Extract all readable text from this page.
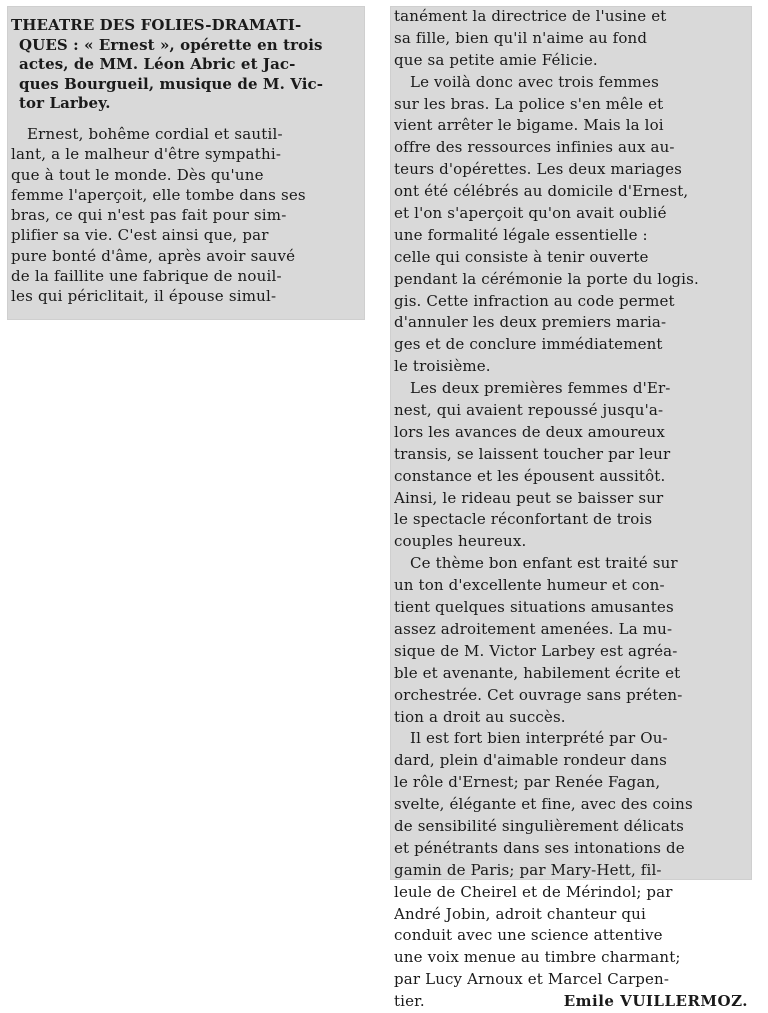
THEATRE DES FOLIES-DRAMATI-
QUES : « Ernest », opérette en trois
actes, de MM. Léon Abric et Jac-
ques Bourgueil, musique de M. Vic-
tor Larbey.
Ernest, bohême cordial et sautil-
lant, a le malheur d'être sympathi-
que à tout le monde. Dès qu'une
femme l'aperçoit, elle tombe dans ses
bras, ce qui n'est pas fait pour sim-
plifier sa vie. C'est ainsi que, par
pure bonté d'âme, après avoir sauvé
de la faillite une fabrique de nouil-
les qui périclitait, il épouse simul-
tanément la directrice de l'usine et
sa fille, bien qu'il n'aime au fond
que sa petite amie Félicie.
Le voilà donc avec trois femmes
sur les bras. La police s'en mêle et
vient arrêter le bigame. Mais la loi
offre des ressources infinies aux au-
teurs d'opérettes. Les deux mariages
ont été célébrés au domicile d'Ernest,
et l'on s'aperçoit qu'on avait oublié
une formalité légale essentielle :
celle qui consiste à tenir ouverte
pendant la cérémonie la porte du logis.
gis. Cette infraction au code permet
d'annuler les deux premiers maria-
ges et de conclure immédiatement
le troisième.
Les deux premières femmes d'Er-
nest, qui avaient repoussé jusqu'a-
lors les avances de deux amoureux
transis, se laissent toucher par leur
constance et les épousent aussitôt.
Ainsi, le rideau peut se baisser sur
le spectacle réconfortant de trois
couples heureux.
Ce thème bon enfant est traité sur
un ton d'excellente humeur et con-
tient quelques situations amusantes
assez adroitement amenées. La mu-
sique de M. Victor Larbey est agréa-
ble et avenante, habilement écrite et
orchestrée. Cet ouvrage sans préten-
tion a droit au succès.
Il est fort bien interprété par Ou-
dard, plein d'aimable rondeur dans
le rôle d'Ernest; par Renée Fagan,
svelte, élégante et fine, avec des coins
de sensibilité singulièrement délicats
et pénétrants dans ses intonations de
gamin de Paris; par Mary-Hett, fil-
leule de Cheirel et de Mérindol; par
André Jobin, adroit chanteur qui
conduit avec une science attentive
une voix menue au timbre charmant;
par Lucy Arnoux et Marcel Carpen-
tier.	Emile VUILLERMOZ.
